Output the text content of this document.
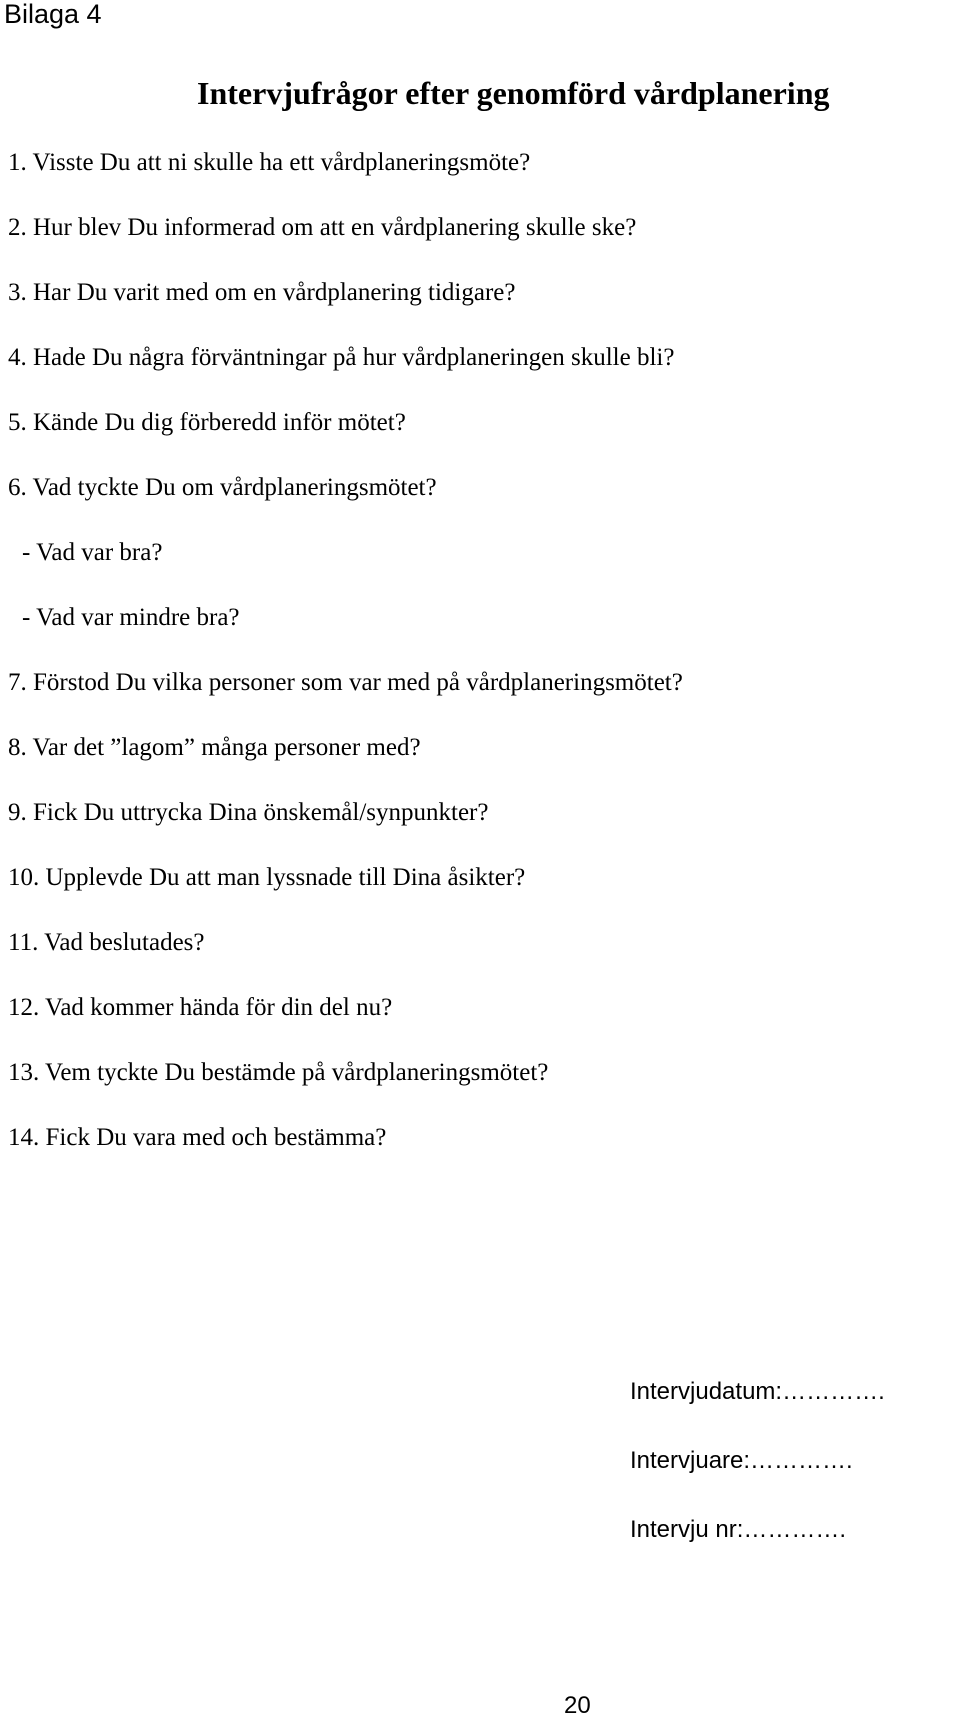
Bilaga 4
Intervjufrågor efter genomförd vårdplanering
1. Visste Du att ni skulle ha ett vårdplaneringsmöte?
2. Hur blev Du informerad om att en vårdplanering skulle ske?
3. Har Du varit med om en vårdplanering tidigare?
4. Hade Du några förväntningar på hur vårdplaneringen skulle bli?
5. Kände Du dig förberedd inför mötet?
6. Vad tyckte Du om vårdplaneringsmötet?
- Vad var bra?
- Vad var mindre bra?
7. Förstod Du vilka personer som var med på vårdplaneringsmötet?
8. Var det ”lagom” många personer med?
9. Fick Du uttrycka Dina önskemål/synpunkter?
10. Upplevde Du att man lyssnade till Dina åsikter?
11. Vad beslutades?
12. Vad kommer hända för din del nu?
13. Vem tyckte Du bestämde på vårdplaneringsmötet?
14. Fick Du vara med och bestämma?
Intervjudatum:………….
Intervjuare:………….
Intervju nr:………….
20
